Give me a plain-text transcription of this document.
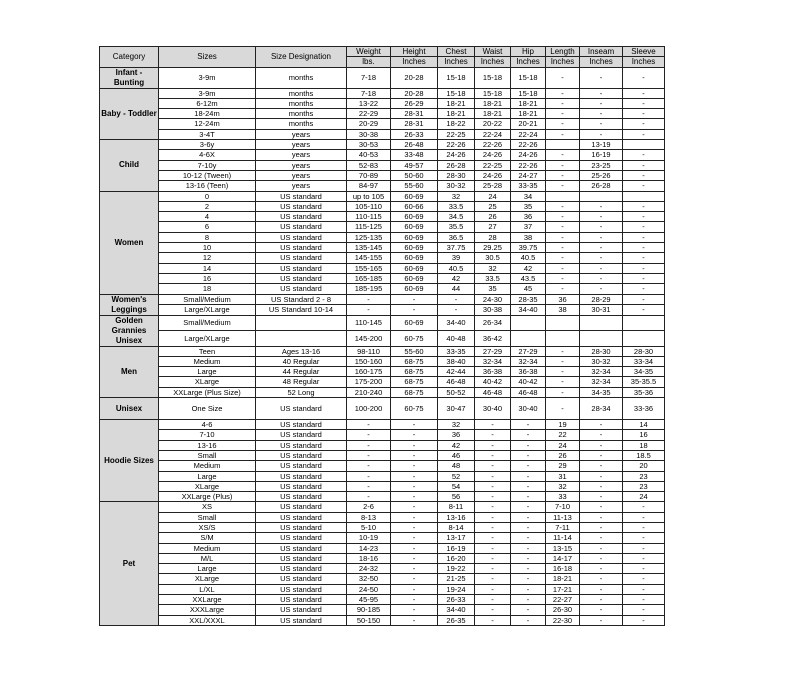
Category	Sizes	Size Designation	Weight	Height	Chest	Waist	Hip	Length	Inseam	Sleeve
			lbs.	Inches	Inches	Inches	Inches	Inches	Inches	Inches
Infant - Bunting	3-9m	months	7-18	20-28	15-18	15-18	15-18	-	-	-
Baby - Toddler	3-9m	months	7-18	20-28	15-18	15-18	15-18	-	-	-
	6-12m	months	13-22	26-29	18-21	18-21	18-21	-	-	-
	18-24m	months	22-29	28-31	18-21	18-21	18-21	-	-	-
	12-24m	months	20-29	28-31	18-22	20-22	20-21	-	-	-
	3-4T	years	30-38	26-33	22-25	22-24	22-24	-	-	-
Child	3-6y	years	30-53	26-48	22-26	22-26	22-26		13-19	
	4-6X	years	40-53	33-48	24-26	24-26	24-26	-	16-19	-
	7-10y	years	52-83	49-57	26-28	22-25	22-26	-	23-25	-
	10-12 (Tween)	years	70-89	50-60	28-30	24-26	24-27	-	25-26	-
	13-16 (Teen)	years	84-97	55-60	30-32	25-28	33-35	-	26-28	-
Women	0	US standard	up to 105	60-69	32	24	34			
	2	US standard	105-110	60-66	33.5	25	35	-	-	-
	4	US standard	110-115	60-69	34.5	26	36	-	-	-
	6	US standard	115-125	60-69	35.5	27	37	-	-	-
	8	US standard	125-135	60-69	36.5	28	38	-	-	-
	10	US standard	135-145	60-69	37.75	29.25	39.75	-	-	-
	12	US standard	145-155	60-69	39	30.5	40.5	-	-	-
	14	US standard	155-165	60-69	40.5	32	42	-	-	-
	16	US standard	165-185	60-69	42	33.5	43.5	-	-	-
	18	US standard	185-195	60-69	44	35	45	-	-	-
Women's Leggings	Small/Medium	US Standard 2 - 8	-	-	-	24-30	28-35	36	28-29	-
	Large/XLarge	US Standard 10-14	-	-	-	30-38	34-40	38	30-31	-
Golden Grannies Unisex	Small/Medium		110-145	60-69	34-40	26-34				
	Large/XLarge		145-200	60-75	40-48	36-42				
Men	Teen	Ages 13-16	98-110	55-60	33-35	27-29	27-29	-	28-30	28-30
	Medium	40 Regular	150-160	68-75	38-40	32-34	32-34	-	30-32	33-34
	Large	44 Regular	160-175	68-75	42-44	36-38	36-38	-	32-34	34-35
	XLarge	48 Regular	175-200	68-75	46-48	40-42	40-42	-	32-34	35-35.5
	XXLarge (Plus Size)	52 Long	210-240	68-75	50-52	46-48	46-48	-	34-35	35-36
Unisex	One Size	US standard	100-200	60-75	30-47	30-40	30-40	-	28-34	33-36
Hoodie Sizes	4-6	US standard	-	-	32	-	-	19	-	14
	7-10	US standard	-	-	36	-	-	22	-	16
	13-16	US standard	-	-	42	-	-	24	-	18
	Small	US standard	-	-	46	-	-	26	-	18.5
	Medium	US standard	-	-	48	-	-	29	-	20
	Large	US standard	-	-	52	-	-	31	-	23
	XLarge	US standard	-	-	54	-	-	32	-	23
	XXLarge (Plus)	US standard	-	-	56	-	-	33	-	24
Pet	XS	US standard	2-6	-	8-11	-	-	7-10	-	-
	Small	US standard	8-13	-	13-16	-	-	11-13	-	-
	XS/S	US standard	5-10	-	8-14	-	-	7-11	-	-
	S/M	US standard	10-19	-	13-17	-	-	11-14	-	-
	Medium	US standard	14-23	-	16-19	-	-	13-15	-	-
	M/L	US standard	18-16	-	16-20	-	-	14-17	-	-
	Large	US standard	24-32	-	19-22	-	-	16-18	-	-
	XLarge	US standard	32-50	-	21-25	-	-	18-21	-	-
	L/XL	US standard	24-50	-	19-24	-	-	17-21	-	-
	XXLarge	US standard	45-95	-	26-33	-	-	22-27	-	-
	XXXLarge	US standard	90-185	-	34-40	-	-	26-30	-	-
	XXL/XXXL	US standard	50-150	-	26-35	-	-	22-30	-	-
